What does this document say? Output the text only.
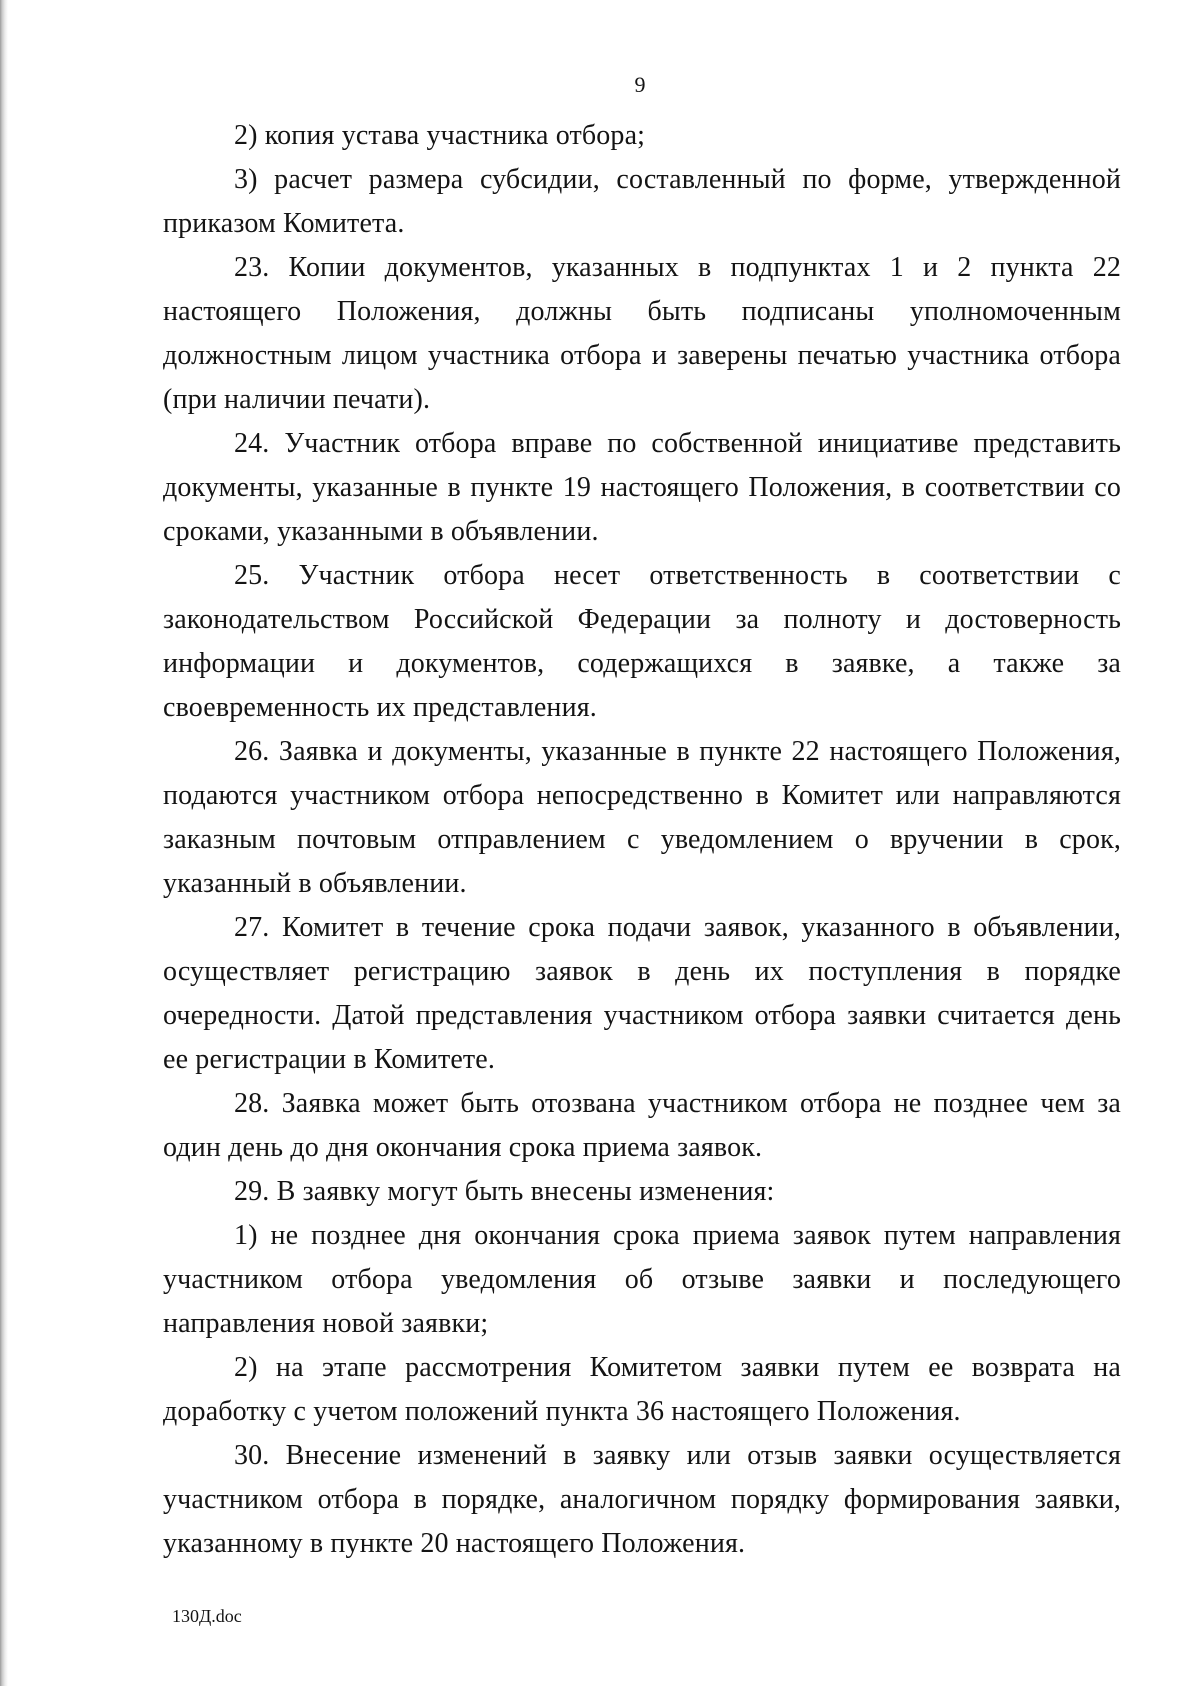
9

2) копия устава участника отбора;

3) расчет размера субсидии, составленный по форме, утвержденной приказом Комитета.

23. Копии документов, указанных в подпунктах 1 и 2 пункта 22 настоящего Положения, должны быть подписаны уполномоченным должностным лицом участника отбора и заверены печатью участника отбора (при наличии печати).

24. Участник отбора вправе по собственной инициативе представить документы, указанные в пункте 19 настоящего Положения, в соответствии со сроками, указанными в объявлении.

25. Участник отбора несет ответственность в соответствии с законодательством Российской Федерации за полноту и достоверность информации и документов, содержащихся в заявке, а также за своевременность их представления.

26. Заявка и документы, указанные в пункте 22 настоящего Положения, подаются участником отбора непосредственно в Комитет или направляются заказным почтовым отправлением с уведомлением о вручении в срок, указанный в объявлении.

27. Комитет в течение срока подачи заявок, указанного в объявлении, осуществляет регистрацию заявок в день их поступления в порядке очередности. Датой представления участником отбора заявки считается день ее регистрации в Комитете.

28. Заявка может быть отозвана участником отбора не позднее чем за один день до дня окончания срока приема заявок.

29. В заявку могут быть внесены изменения:

1) не позднее дня окончания срока приема заявок путем направления участником отбора уведомления об отзыве заявки и последующего направления новой заявки;

2) на этапе рассмотрения Комитетом заявки путем ее возврата на доработку с учетом положений пункта 36 настоящего Положения.

30. Внесение изменений в заявку или отзыв заявки осуществляется участником отбора в порядке, аналогичном порядку формирования заявки, указанному в пункте 20 настоящего Положения.

130Д.doc
